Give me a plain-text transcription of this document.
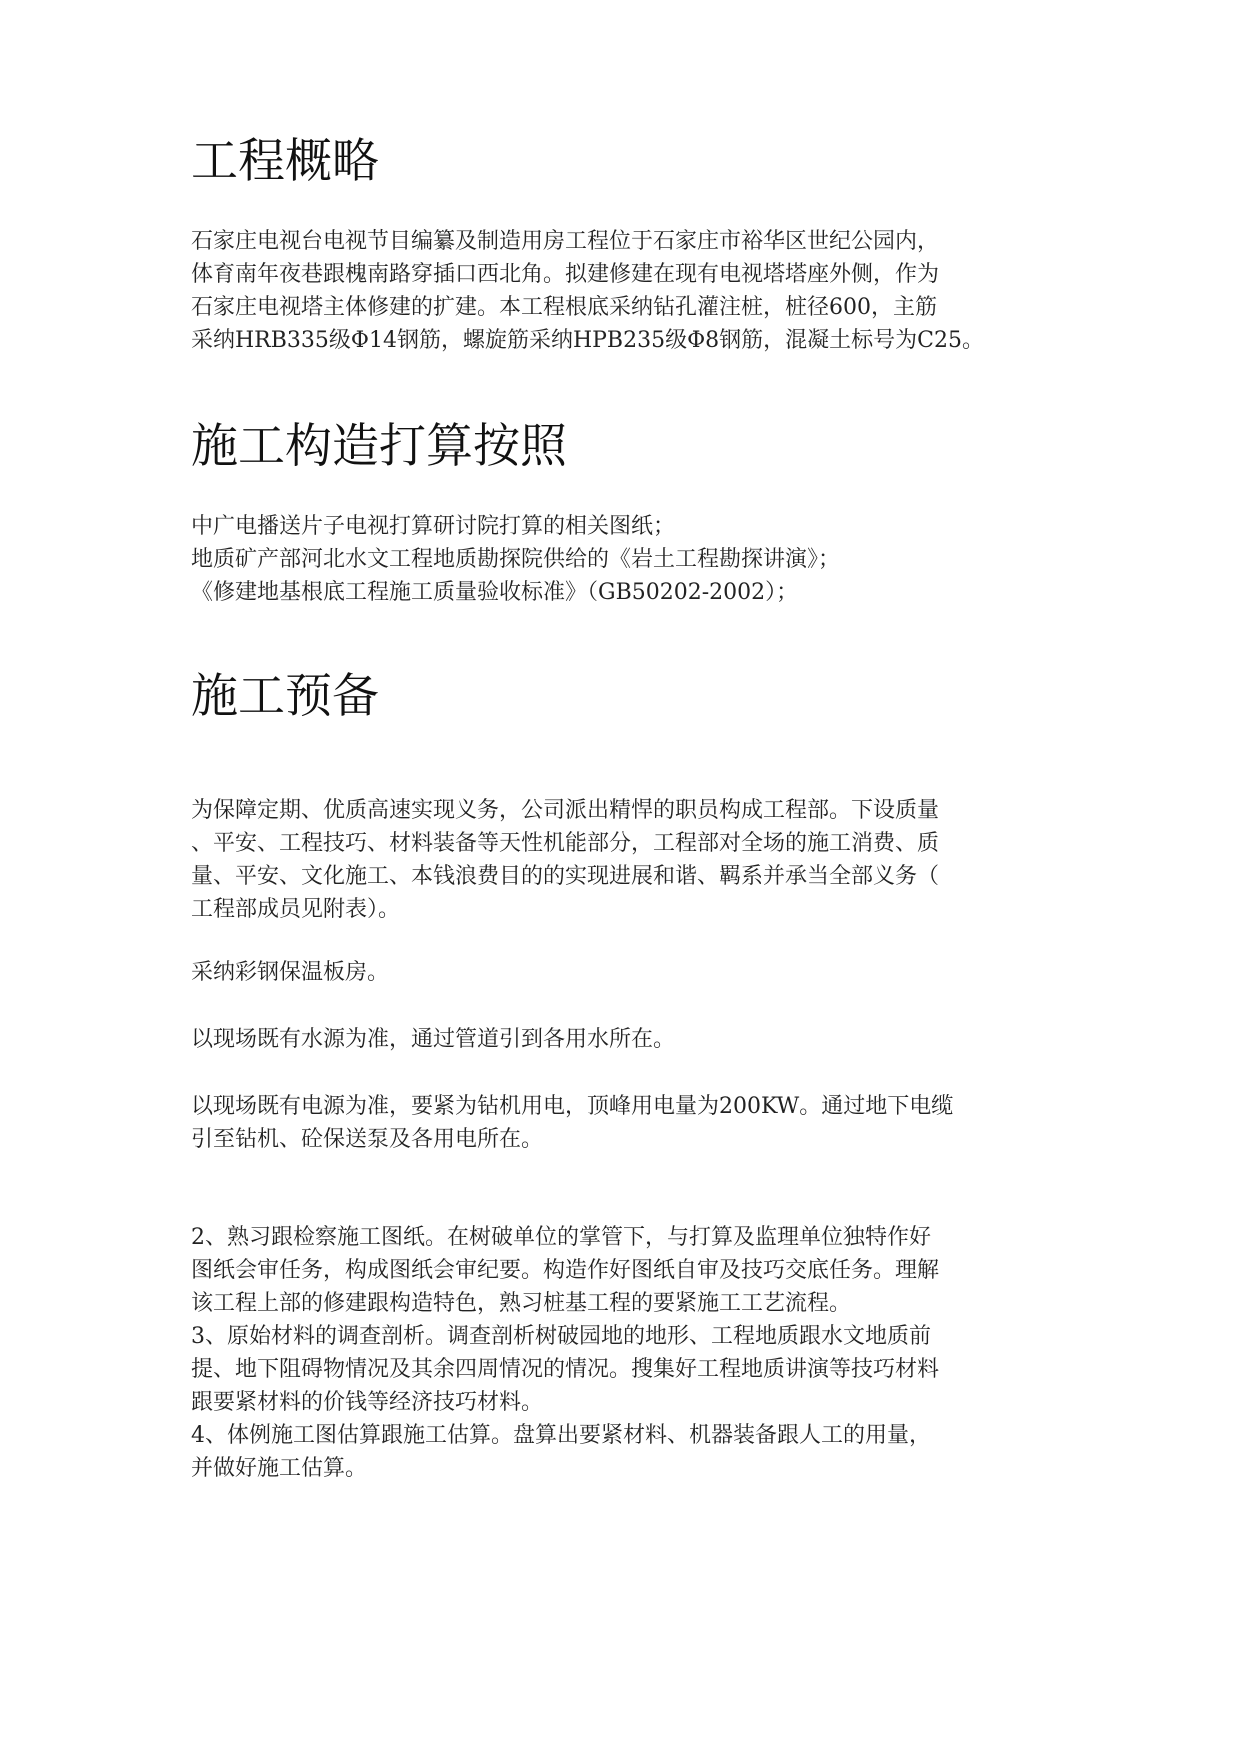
工程概略
石家庄电视台电视节目编纂及制造用房工程位于石家庄市裕华区世纪公园内，
体育南年夜巷跟槐南路穿插口西北角。拟建修建在现有电视塔塔座外侧，作为
石家庄电视塔主体修建的扩建。本工程根底采纳钻孔灌注桩，桩径600，主筋
采纳HRB335级Φ14钢筋，螺旋筋采纳HPB235级Φ8钢筋，混凝土标号为C25。
施工构造打算按照
中广电播送片子电视打算研讨院打算的相关图纸；
地质矿产部河北水文工程地质勘探院供给的《岩土工程勘探讲演》；
《修建地基根底工程施工质量验收标准》（GB50202-2002）；
施工预备
为保障定期、优质高速实现义务，公司派出精悍的职员构成工程部。下设质量
、平安、工程技巧、材料装备等天性机能部分，工程部对全场的施工消费、质
量、平安、文化施工、本钱浪费目的的实现进展和谐、羁系并承当全部义务（
工程部成员见附表）。
采纳彩钢保温板房。
以现场既有水源为准，通过管道引到各用水所在。
以现场既有电源为准，要紧为钻机用电，顶峰用电量为200KW。通过地下电缆
引至钻机、砼保送泵及各用电所在。
2、熟习跟检察施工图纸。在树破单位的掌管下，与打算及监理单位独特作好
图纸会审任务，构成图纸会审纪要。构造作好图纸自审及技巧交底任务。理解
该工程上部的修建跟构造特色，熟习桩基工程的要紧施工工艺流程。
3、原始材料的调查剖析。调查剖析树破园地的地形、工程地质跟水文地质前
提、地下阻碍物情况及其余四周情况的情况。搜集好工程地质讲演等技巧材料
跟要紧材料的价钱等经济技巧材料。
4、体例施工图估算跟施工估算。盘算出要紧材料、机器装备跟人工的用量，
并做好施工估算。
